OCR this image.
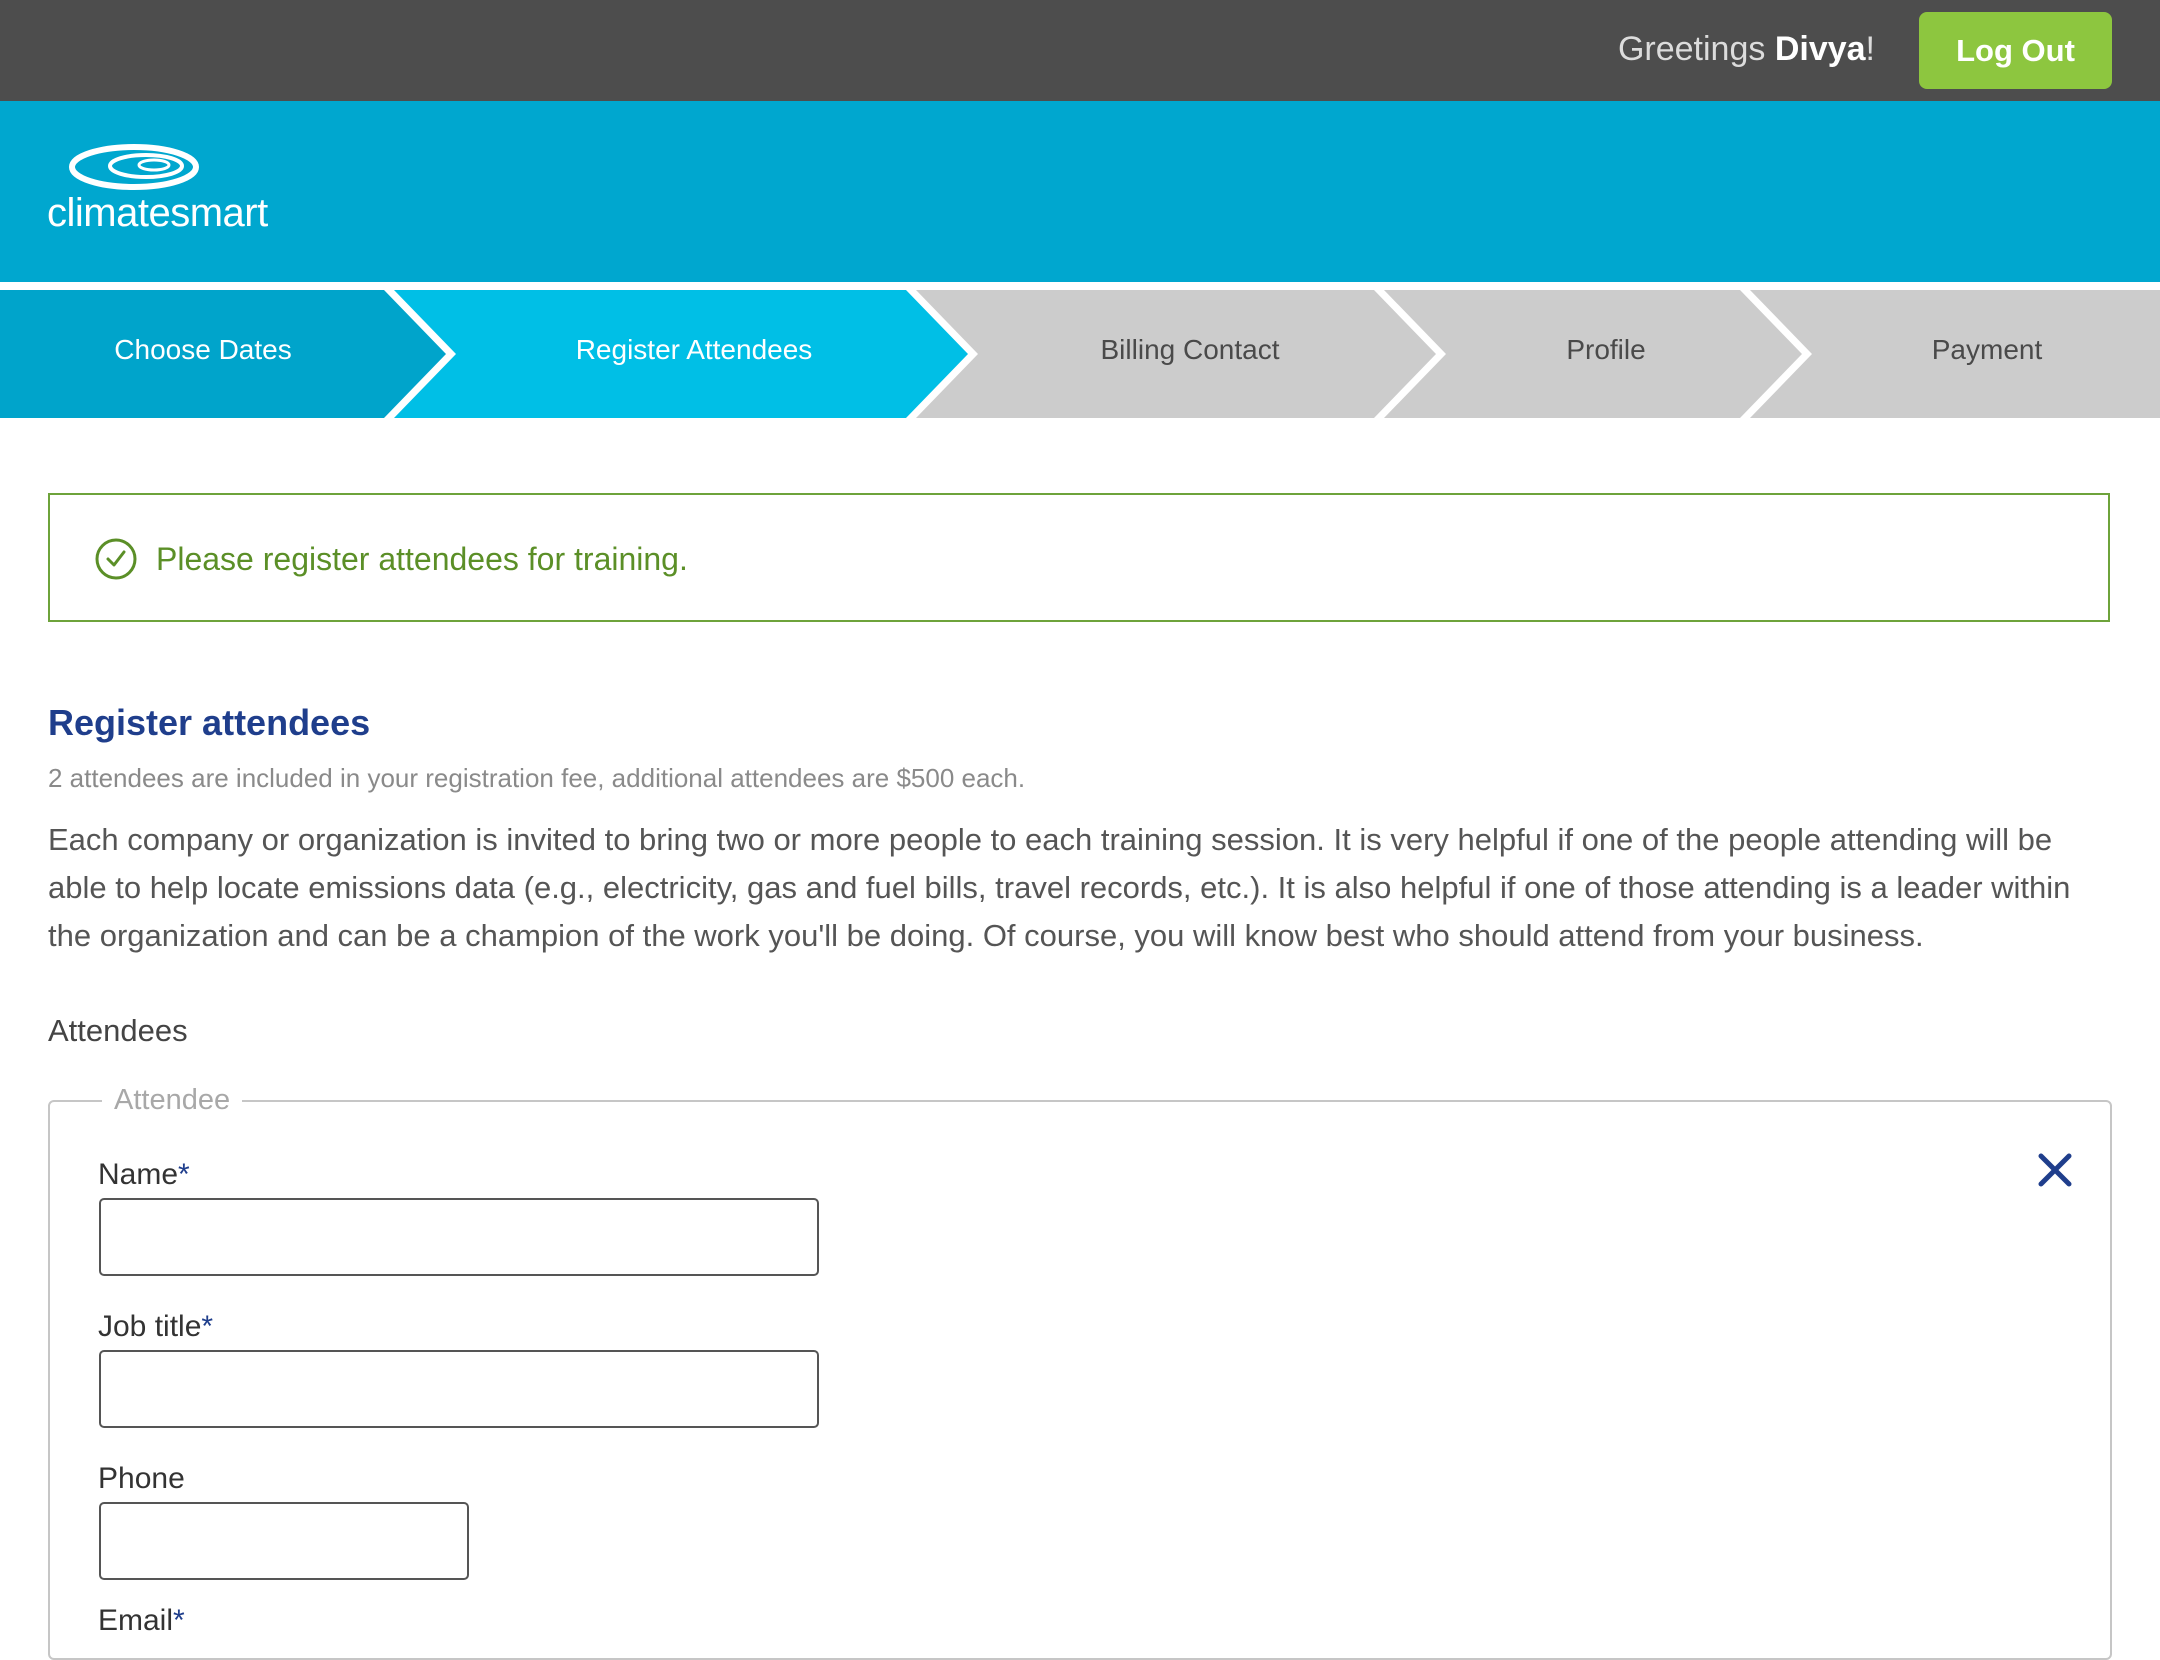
Greetings Divya!	Log Out
climatesmart
Choose Dates	Register Attendees	Billing Contact	Profile	Payment
Please register attendees for training.
Register attendees
2 attendees are included in your registration fee, additional attendees are $500 each.
Each company or organization is invited to bring two or more people to each training session. It is very helpful if one of the people attending will be able to help locate emissions data (e.g., electricity, gas and fuel bills, travel records, etc.). It is also helpful if one of those attending is a leader within the organization and can be a champion of the work you'll be doing. Of course, you will know best who should attend from your business.
Attendees
Attendee
Name*
Job title*
Phone
Email*
